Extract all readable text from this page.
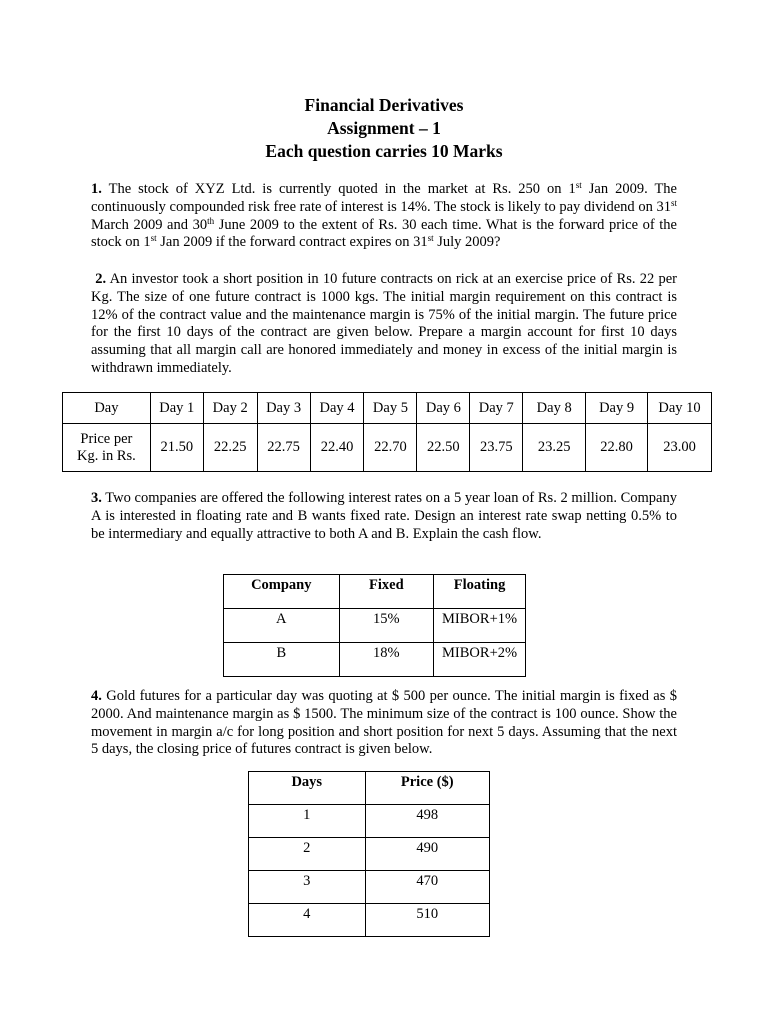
Financial Derivatives
Assignment – 1
Each question carries 10 Marks
1. The stock of XYZ Ltd. is currently quoted in the market at Rs. 250 on 1st Jan 2009. The continuously compounded risk free rate of interest is 14%. The stock is likely to pay dividend on 31st March 2009 and 30th June 2009 to the extent of Rs. 30 each time. What is the forward price of the stock on 1st Jan 2009 if the forward contract expires on 31st July 2009?
2. An investor took a short position in 10 future contracts on rick at an exercise price of Rs. 22 per Kg. The size of one future contract is 1000 kgs. The initial margin requirement on this contract is 12% of the contract value and the maintenance margin is 75% of the initial margin. The future price for the first 10 days of the contract are given below. Prepare a margin account for first 10 days assuming that all margin call are honored immediately and money in excess of the initial margin is withdrawn immediately.
Day	Day 1	Day 2	Day 3	Day 4	Day 5	Day 6	Day 7	Day 8	Day 9	Day 10

Price per
Kg. in Rs.	21.50	22.25	22.75	22.40	22.70	22.50	23.75	23.25	22.80	23.00
3. Two companies are offered the following interest rates on a 5 year loan of Rs. 2 million. Company A is interested in floating rate and B wants fixed rate. Design an interest rate swap netting 0.5% to be intermediary and equally attractive to both A and B. Explain the cash flow.
Company	Fixed	Floating
A	15%	MIBOR+1%
B	18%	MIBOR+2%
4. Gold futures for a particular day was quoting at $ 500 per ounce. The initial margin is fixed as $ 2000. And maintenance margin as $ 1500. The minimum size of the contract is 100 ounce. Show the movement in margin a/c for long position and short position for next 5 days. Assuming that the next 5 days, the closing price of futures contract is given below.
Days	Price ($)
1	498
2	490
3	470
4	510
